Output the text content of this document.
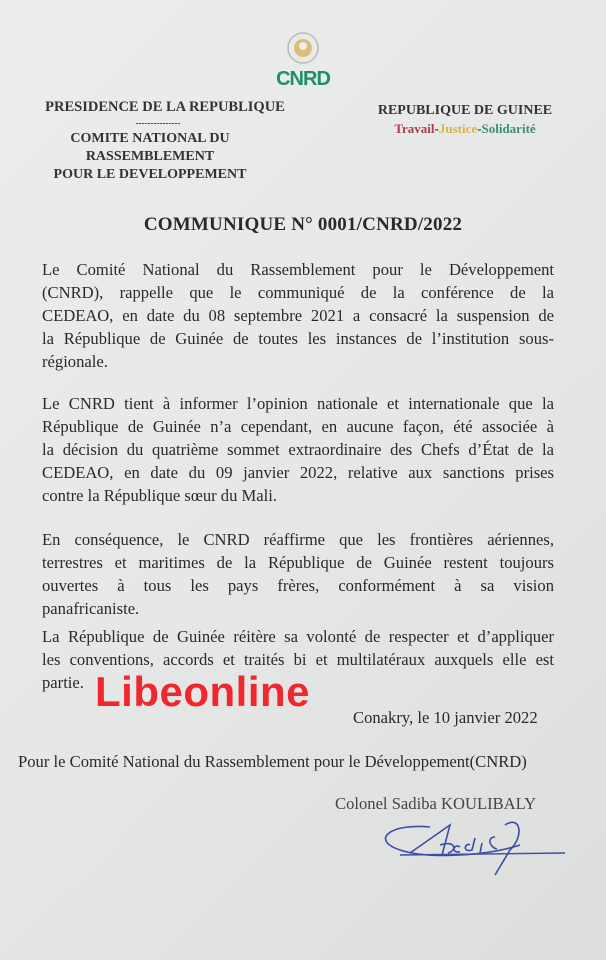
CNRD
PRESIDENCE DE LA REPUBLIQUE
---------------
COMITE NATIONAL DU
RASSEMBLEMENT
POUR LE DEVELOPPEMENT
REPUBLIQUE DE GUINEE
Travail-Justice-Solidarité
COMMUNIQUE N° 0001/CNRD/2022
Le Comité National du Rassemblement pour le Développement
(CNRD), rappelle que le communiqué de la conférence de la
CEDEAO, en date du 08 septembre 2021 a consacré la suspension de
la République de Guinée de toutes les instances de l’institution sous-
régionale.
Le CNRD tient à informer l’opinion nationale et internationale que la
République de Guinée n’a cependant, en aucune façon, été associée à
la décision du quatrième sommet extraordinaire des Chefs d’État de la
CEDEAO, en date du 09 janvier 2022, relative aux sanctions prises
contre la République sœur du Mali.
En conséquence, le CNRD réaffirme que les frontières aériennes,
terrestres et maritimes de la République de Guinée restent toujours
ouvertes à tous les pays frères, conformément à sa vision
panafricaniste.
La République de Guinée réitère sa volonté de respecter et d’appliquer
les conventions, accords et traités bi et multilatéraux auxquels elle est
partie. Libeonline
Conakry, le 10 janvier 2022
Pour le Comité National du Rassemblement pour le Développement(CNRD)
Colonel Sadiba KOULIBALY
